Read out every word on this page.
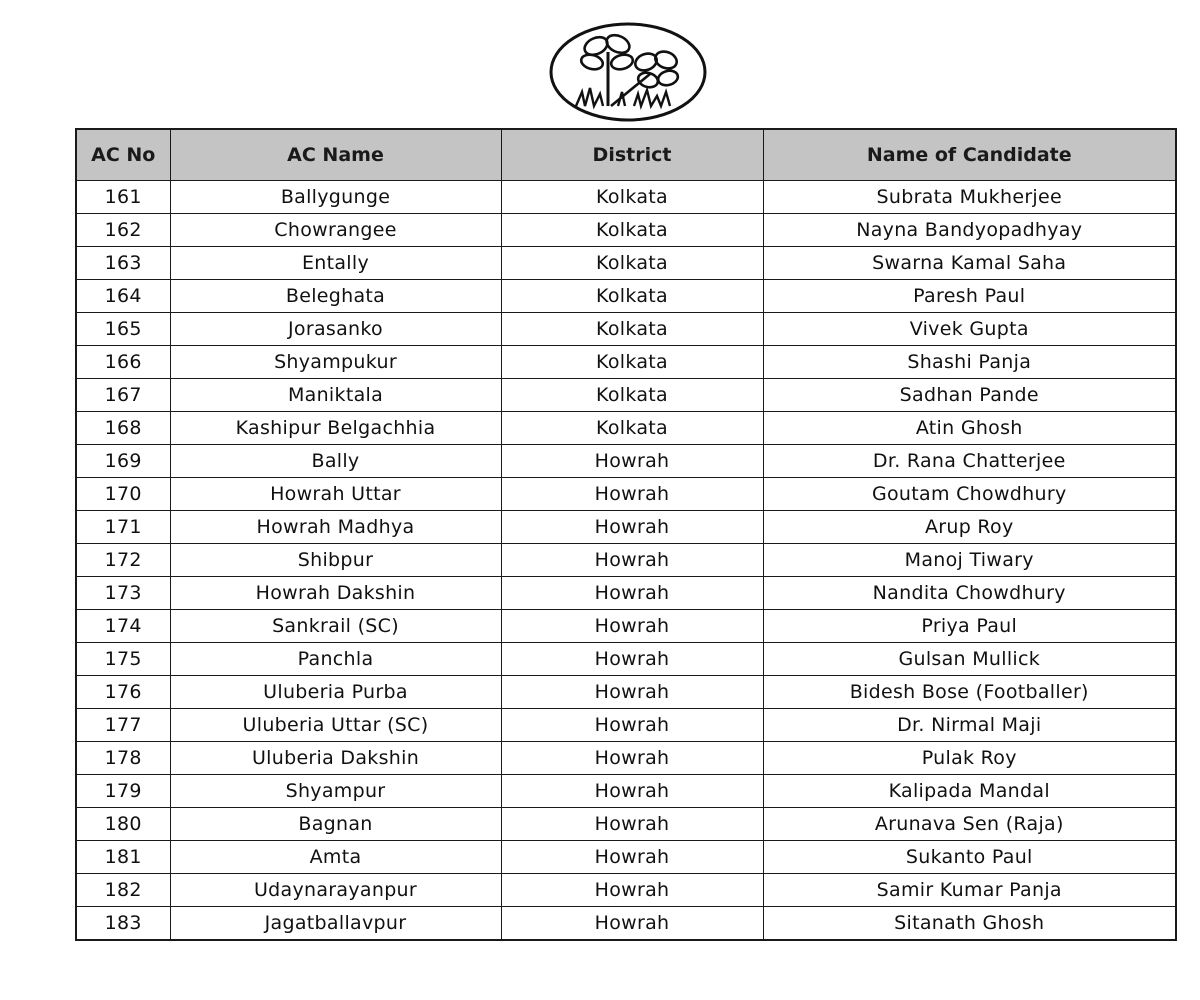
AC No	AC Name	District	Name of Candidate
161	Ballygunge	Kolkata	Subrata Mukherjee
162	Chowrangee	Kolkata	Nayna Bandyopadhyay
163	Entally	Kolkata	Swarna Kamal Saha
164	Beleghata	Kolkata	Paresh Paul
165	Jorasanko	Kolkata	Vivek Gupta
166	Shyampukur	Kolkata	Shashi Panja
167	Maniktala	Kolkata	Sadhan Pande
168	Kashipur Belgachhia	Kolkata	Atin Ghosh
169	Bally	Howrah	Dr. Rana Chatterjee
170	Howrah Uttar	Howrah	Goutam Chowdhury
171	Howrah Madhya	Howrah	Arup Roy
172	Shibpur	Howrah	Manoj Tiwary
173	Howrah Dakshin	Howrah	Nandita Chowdhury
174	Sankrail (SC)	Howrah	Priya Paul
175	Panchla	Howrah	Gulsan Mullick
176	Uluberia Purba	Howrah	Bidesh Bose (Footballer)
177	Uluberia Uttar (SC)	Howrah	Dr. Nirmal Maji
178	Uluberia Dakshin	Howrah	Pulak Roy
179	Shyampur	Howrah	Kalipada Mandal
180	Bagnan	Howrah	Arunava Sen (Raja)
181	Amta	Howrah	Sukanto Paul
182	Udaynarayanpur	Howrah	Samir Kumar Panja
183	Jagatballavpur	Howrah	Sitanath Ghosh
